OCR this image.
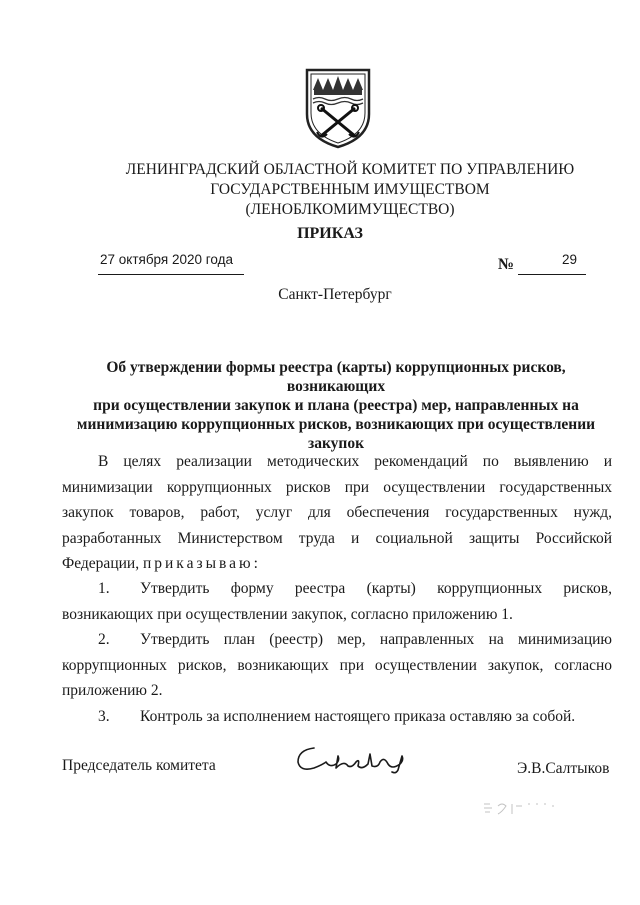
ЛЕНИНГРАДСКИЙ ОБЛАСТНОЙ КОМИТЕТ ПО УПРАВЛЕНИЮ
ГОСУДАРСТВЕННЫМ ИМУЩЕСТВОМ
(ЛЕНОБЛКОМИМУЩЕСТВО)
ПРИКАЗ
27 октября 2020 года	№	29
Санкт-Петербург
Об утверждении формы реестра (карты) коррупционных рисков, возникающих
при осуществлении закупок и плана (реестра) мер, направленных на
минимизацию коррупционных рисков, возникающих при осуществлении
закупок
В целях реализации методических рекомендаций по выявлению и минимизации коррупционных рисков при осуществлении государственных закупок товаров, работ, услуг для обеспечения государственных нужд, разработанных Министерством труда и социальной защиты Российской Федерации, приказываю:
1. Утвердить форму реестра (карты) коррупционных рисков, возникающих при осуществлении закупок, согласно приложению 1.
2. Утвердить план (реестр) мер, направленных на минимизацию коррупционных рисков, возникающих при осуществлении закупок, согласно приложению 2.
3. Контроль за исполнением настоящего приказа оставляю за собой.
Председатель комитета	Э.В.Салтыков
